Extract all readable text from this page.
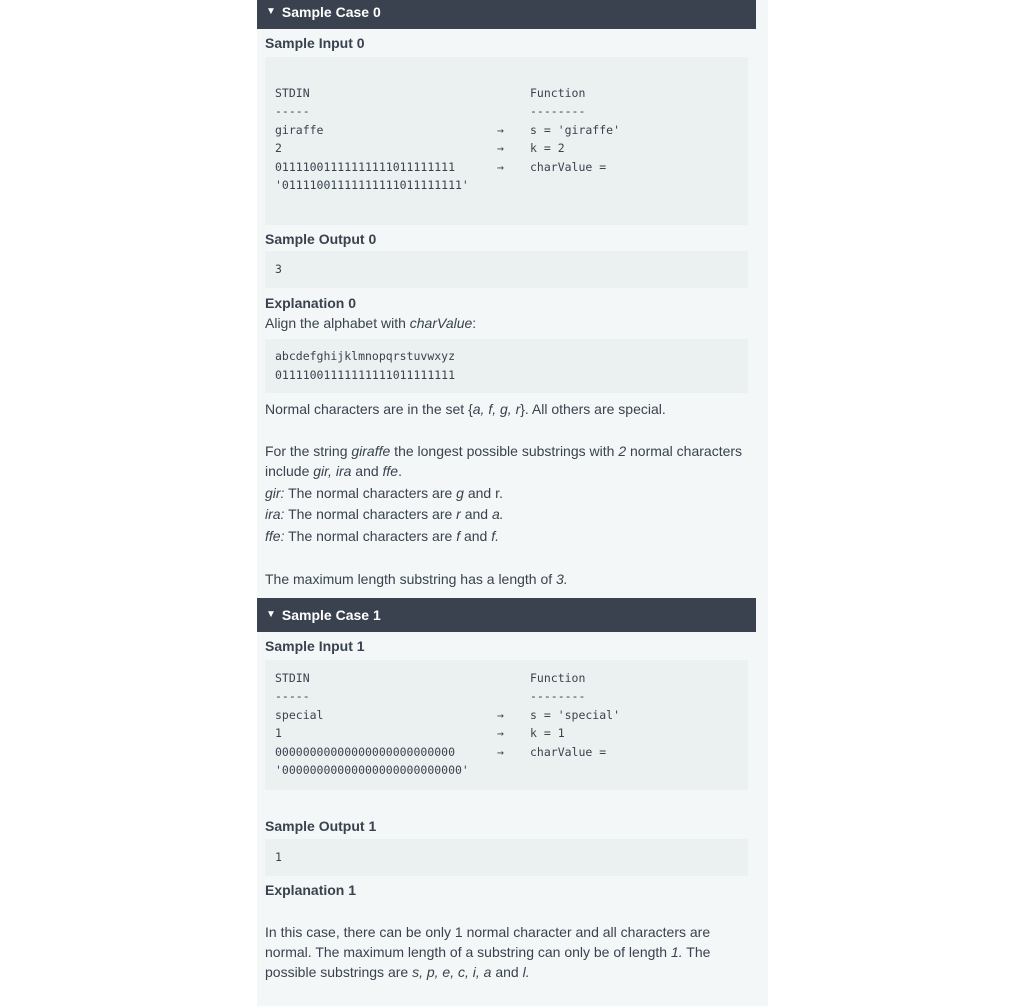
▼ Sample Case 0
Sample Input 0
STDIN	Function
-----	--------
giraffe	→ s = 'giraffe'
2	→ k = 2
01111001111111111011111111	→ charValue =
'01111001111111111011111111'
Sample Output 0
3
Explanation 0
Align the alphabet with charValue:
abcdefghijklmnopqrstuvwxyz
01111001111111111011111111
Normal characters are in the set {a, f, g, r}. All others are special.
For the string giraffe the longest possible substrings with 2 normal characters include gir, ira and ffe.
gir: The normal characters are g and r.
ira: The normal characters are r and a.
ffe: The normal characters are f and f.
The maximum length substring has a length of 3.
▼ Sample Case 1
Sample Input 1
STDIN	Function
-----	--------
special	→ s = 'special'
1	→ k = 1
00000000000000000000000000	→ charValue =
'00000000000000000000000000'
Sample Output 1
1
Explanation 1
In this case, there can be only 1 normal character and all characters are normal. The maximum length of a substring can only be of length 1. The possible substrings are s, p, e, c, i, a and l.
